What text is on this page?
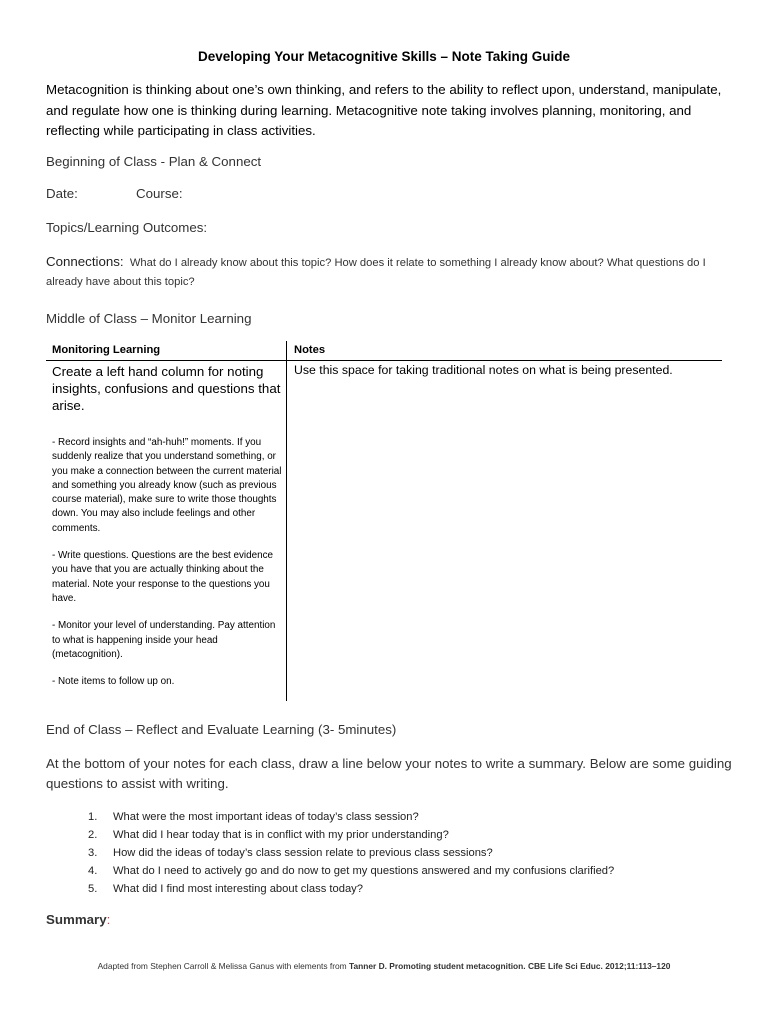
Developing Your Metacognitive Skills – Note Taking Guide
Metacognition is thinking about one’s own thinking, and refers to the ability to reflect upon, understand, manipulate, and regulate how one is thinking during learning. Metacognitive note taking involves planning, monitoring, and reflecting while participating in class activities.
Beginning of Class - Plan & Connect
Date:	Course:
Topics/Learning Outcomes:
Connections: What do I already know about this topic? How does it relate to something I already know about? What questions do I already have about this topic?
Middle of Class – Monitor Learning
Monitoring Learning	Notes

Create a left hand column for noting insights, confusions and questions that arise.

- Record insights and “ah-huh!” moments. If you suddenly realize that you understand something, or you make a connection between the current material and something you already know (such as previous course material), make sure to write those thoughts down. You may also include feelings and other comments.

- Write questions. Questions are the best evidence you have that you are actually thinking about the material. Note your response to the questions you have.

- Monitor your level of understanding. Pay attention to what is happening inside your head (metacognition).

- Note items to follow up on.

Use this space for taking traditional notes on what is being presented.
End of Class – Reflect and Evaluate Learning (3- 5minutes)
At the bottom of your notes for each class, draw a line below your notes to write a summary. Below are some guiding questions to assist with writing.
1. What were the most important ideas of today’s class session?
2. What did I hear today that is in conflict with my prior understanding?
3. How did the ideas of today’s class session relate to previous class sessions?
4. What do I need to actively go and do now to get my questions answered and my confusions clarified?
5. What did I find most interesting about class today?
Summary:
Adapted from Stephen Carroll & Melissa Ganus with elements from Tanner D. Promoting student metacognition. CBE Life Sci Educ. 2012;11:113–120
